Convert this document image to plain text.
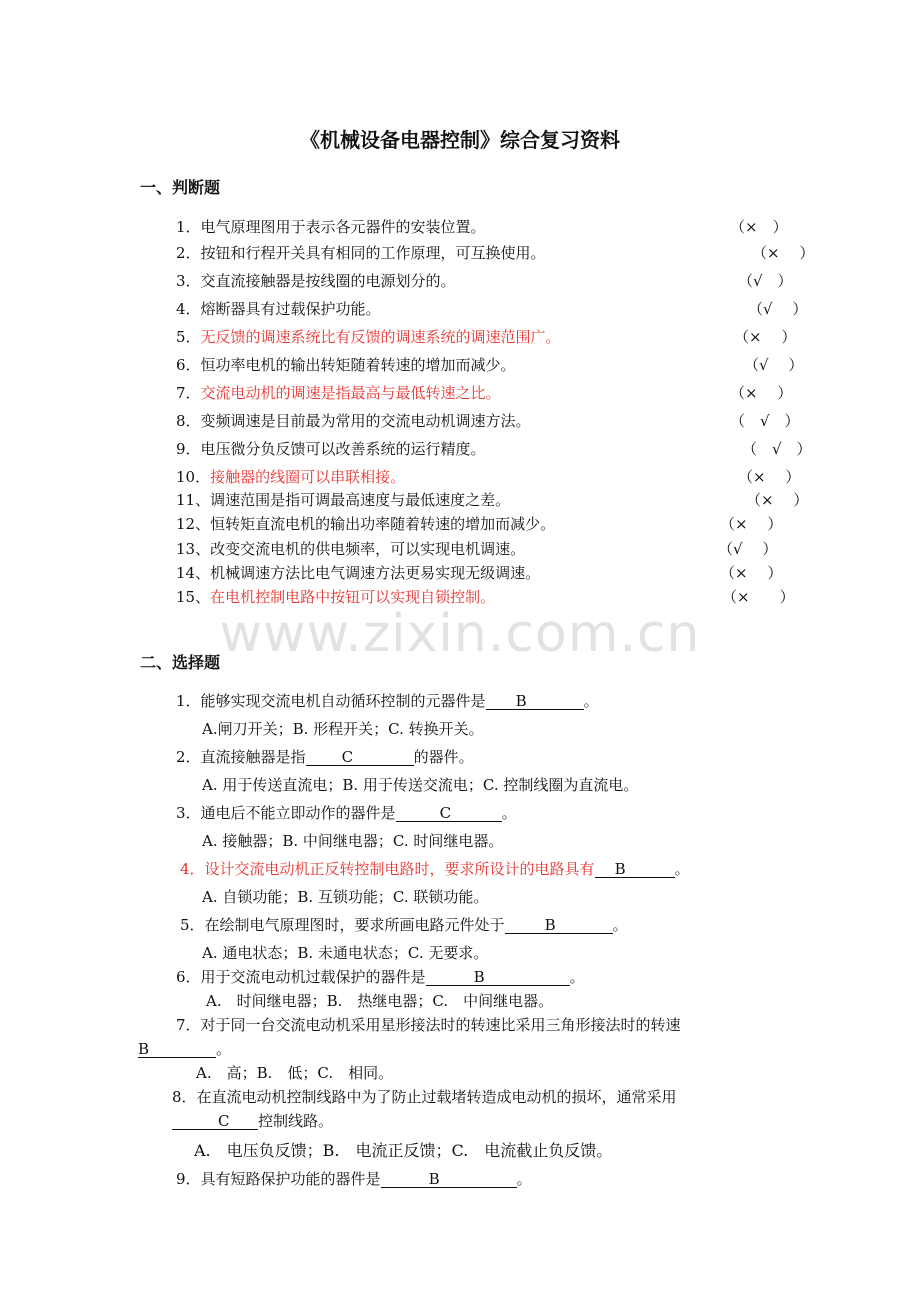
《机械设备电器控制》综合复习资料
一、判断题
1．电气原理图用于表示各元器件的安装位置。	（×　）
2．按钮和行程开关具有相同的工作原理，可互换使用。	（×　 ）
3．交直流接触器是按线圈的电源划分的。	（√　）
4．熔断器具有过载保护功能。	（√　 ）
5．无反馈的调速系统比有反馈的调速系统的调速范围广。	（×　 ）
6．恒功率电机的输出转矩随着转速的增加而减少。	（√　 ）
7．交流电动机的调速是指最高与最低转速之比。	（×　 ）
8．变频调速是目前最为常用的交流电动机调速方法。	（　√　）
9．电压微分负反馈可以改善系统的运行精度。	（　√　）
10．接触器的线圈可以串联相接。	（×　 ）
11、调速范围是指可调最高速度与最低速度之差。	（×　 ）
12、恒转矩直流电机的输出功率随着转速的增加而减少。	（×　 ）
13、改变交流电机的供电频率，可以实现电机调速。	（√　 ）
14、机械调速方法比电气调速方法更易实现无级调速。	（×　 ）
15、在电机控制电路中按钮可以实现自锁控制。	（×　　）
www.zixin.com.cn
二、选择题
1．能够实现交流电机自动循环控制的元器件是 B	。
A.闸刀开关；B. 形程开关；C. 转换开关。
2．直流接触器是指 C	的器件。
A. 用于传送直流电；B. 用于传送交流电；C. 控制线圈为直流电。
3．通电后不能立即动作的器件是	C	。
A. 接触器；B. 中间继电器；C. 时间继电器。
4．设计交流电动机正反转控制电路时，要求所设计的电路具有 B	。
A. 自锁功能；B. 互锁功能；C. 联锁功能。
5．在绘制电气原理图时，要求所画电路元件处于	B	。
A. 通电状态；B. 未通电状态；C. 无要求。
6．用于交流电动机过载保护的器件是	B	。
A.　时间继电器；B.　热继电器；C.　中间继电器。
7．对于同一台交流电动机采用星形接法时的转速比采用三角形接法时的转速
B	。
A.　高；B.　低；C.　相同。
8．在直流电动机控制线路中为了防止过载堵转造成电动机的损坏，通常采用
C 控制线路。
A.　电压负反馈；B.　电流正反馈；C.　电流截止负反馈。
9．具有短路保护功能的器件是	B	。
